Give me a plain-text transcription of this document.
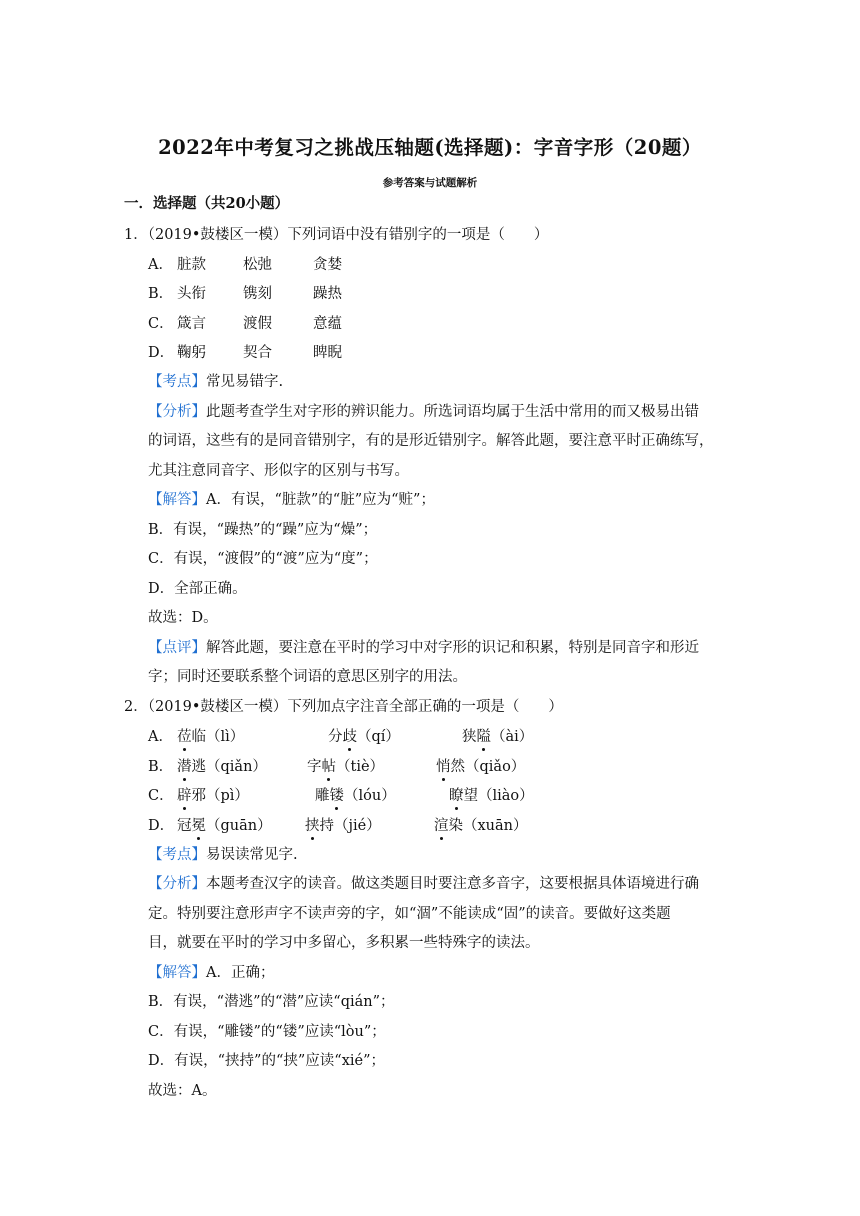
2022年中考复习之挑战压轴题(选择题)：字音字形（20题）
参考答案与试题解析
一．选择题（共20小题）
1．（2019•鼓楼区一模）下列词语中没有错别字的一项是（　　）
A． 脏款	松弛	贪婪
B． 头衔	镌刻	躁热
C． 箴言	渡假	意蕴
D． 鞠躬	契合	睥睨
【考点】常见易错字.
【分析】此题考查学生对字形的辨识能力。所选词语均属于生活中常用的而又极易出错
的词语，这些有的是同音错别字，有的是形近错别字。解答此题，要注意平时正确练写，
尤其注意同音字、形似字的区别与书写。
【解答】A．有误，“脏款”的“脏”应为“赃”；
B．有误，“躁热”的“躁”应为“燥”；
C．有误，“渡假”的“渡”应为“度”；
D．全部正确。
故选：D。
【点评】解答此题，要注意在平时的学习中对字形的识记和积累，特别是同音字和形近
字；同时还要联系整个词语的意思区别字的用法。
2．（2019•鼓楼区一模）下列加点字注音全部正确的一项是（　　）
A． 莅临（lì）	分歧（qí）	狭隘（ài）
B． 潜逃（qiǎn）	字帖（tiè）	悄然（qiǎo）
C． 辟邪（pì）	雕镂（lóu）	瞭望（liào）
D． 冠冕（guān） 挟持（jié）	渲染（xuān）
【考点】易误读常见字.
【分析】本题考查汉字的读音。做这类题目时要注意多音字，这要根据具体语境进行确
定。特别要注意形声字不读声旁的字，如“涸”不能读成“固”的读音。要做好这类题
目，就要在平时的学习中多留心，多积累一些特殊字的读法。
【解答】A．正确；
B．有误，“潜逃”的“潜”应读“qián”；
C．有误，“雕镂”的“镂”应读“lòu”；
D．有误，“挟持”的“挟”应读“xié”；
故选：A。
